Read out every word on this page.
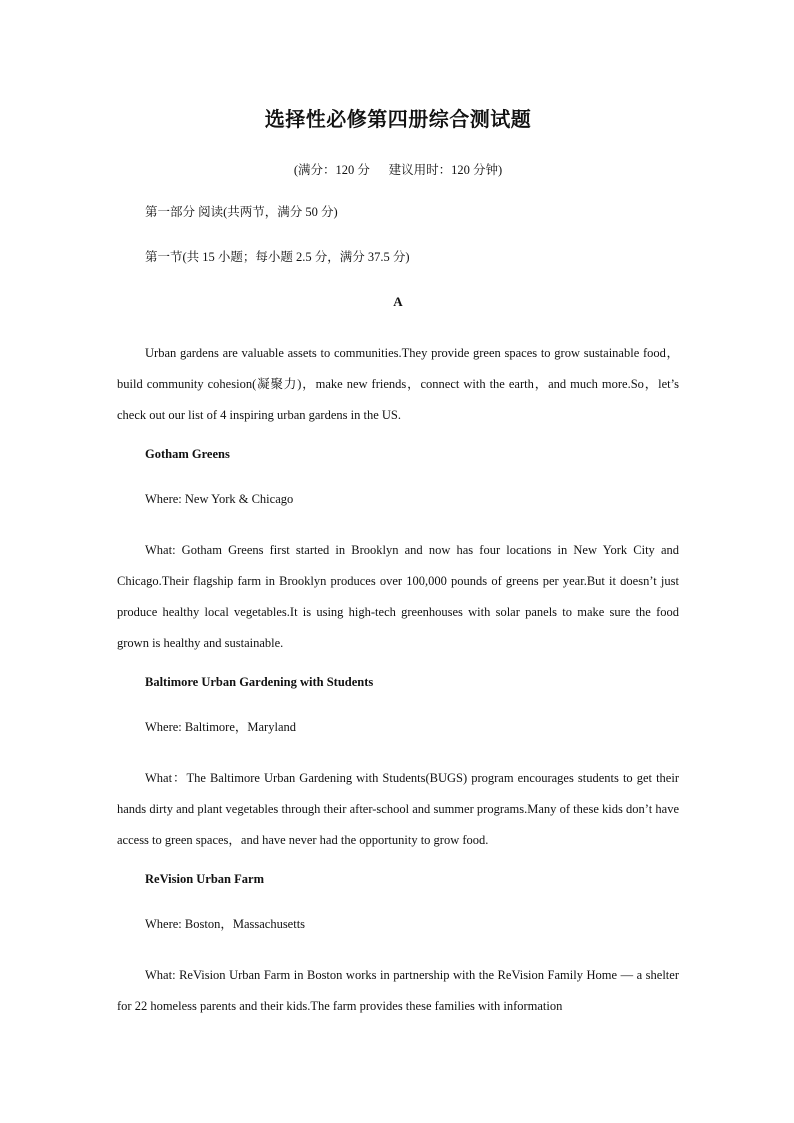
选择性必修第四册综合测试题
(满分：120 分      建议用时：120 分钟)
第一部分 阅读(共两节，满分 50 分)
第一节(共 15 小题；每小题 2.5 分，满分 37.5 分)
A

Urban gardens are valuable assets to communities.They provide green spaces to grow sustainable food，build community cohesion(凝聚力)，make new friends，connect with the earth，and much more.So，let’s check out our list of 4 inspiring urban gardens in the US.

Gotham Greens
Where: New York & Chicago

What: Gotham Greens first started in Brooklyn and now has four locations in New York City and Chicago.Their flagship farm in Brooklyn produces over 100,000 pounds of greens per year.But it doesn’t just produce healthy local vegetables.It is using high-tech greenhouses with solar panels to make sure the food grown is healthy and sustainable.

Baltimore Urban Gardening with Students
Where: Baltimore，Maryland

What：The Baltimore Urban Gardening with Students(BUGS) program encourages students to get their hands dirty and plant vegetables through their after-school and summer programs.Many of these kids don’t have access to green spaces，and have never had the opportunity to grow food.

ReVision Urban Farm
Where: Boston，Massachusetts

What: ReVision Urban Farm in Boston works in partnership with the ReVision Family Home — a shelter for 22 homeless parents and their kids.The farm provides these families with information
